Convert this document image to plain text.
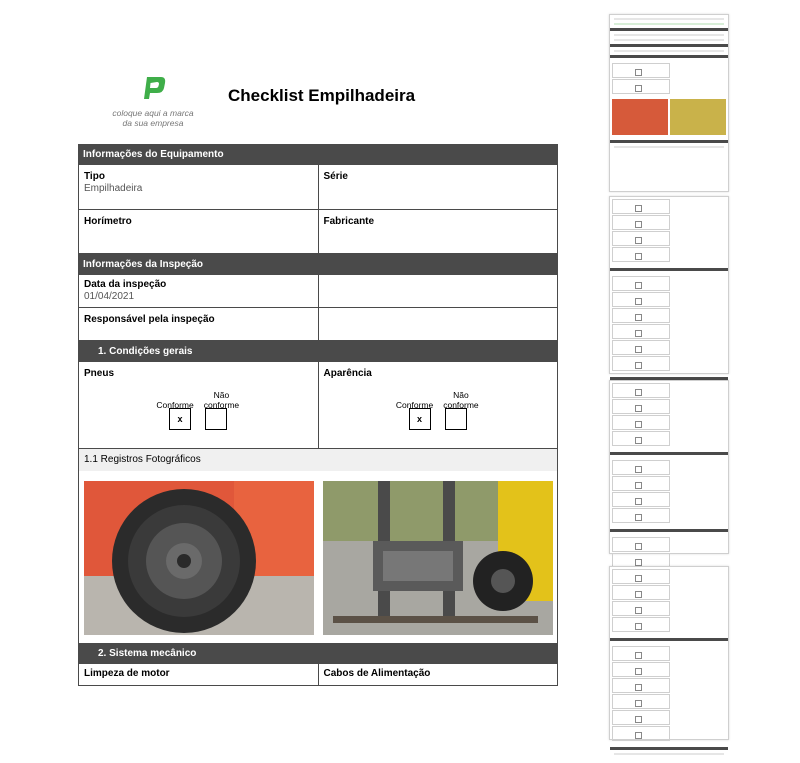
coloque aqui a marca
da sua empresa
Checklist Empilhadeira
Informações do Equipamento
Tipo
Empilhadeira
Série
Horímetro	Fabricante
Informações da Inspeção
Data da inspeção
01/04/2021
Responsável pela inspeção
1. Condições gerais
Pneus
Conforme Não conforme
x
Aparência
Conforme Não conforme
x
1.1 Registros Fotográficos
2. Sistema mecânico
Limpeza de motor	Cabos de Alimentação
